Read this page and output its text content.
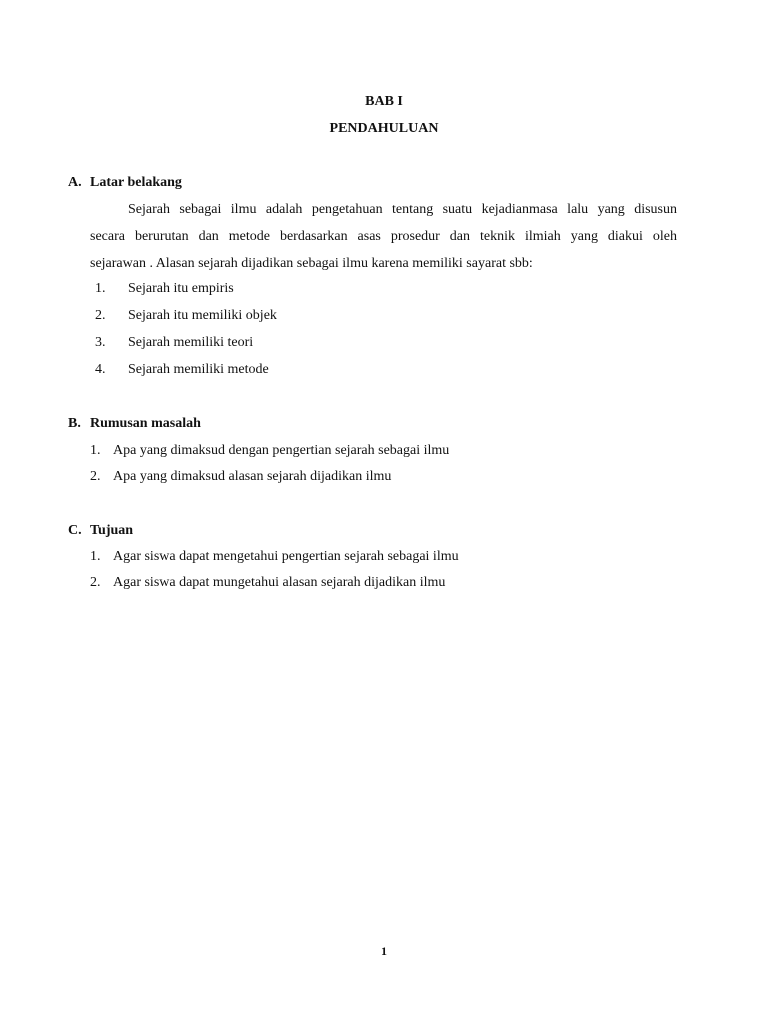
BAB I
PENDAHULUAN
A. Latar belakang
Sejarah sebagai ilmu adalah pengetahuan tentang suatu kejadianmasa lalu yang disusun
secara berurutan dan metode berdasarkan asas prosedur dan teknik ilmiah yang diakui oleh
sejarawan . Alasan sejarah dijadikan sebagai ilmu karena memiliki sayarat sbb:
1.	Sejarah itu empiris
2.	Sejarah itu memiliki objek
3.	Sejarah memiliki teori
4.	Sejarah memiliki metode
B. Rumusan masalah
1. Apa yang dimaksud dengan pengertian sejarah sebagai ilmu
2. Apa yang dimaksud alasan sejarah dijadikan ilmu
C. Tujuan
1. Agar siswa dapat mengetahui pengertian sejarah sebagai ilmu
2. Agar siswa dapat mungetahui alasan sejarah dijadikan ilmu
1
